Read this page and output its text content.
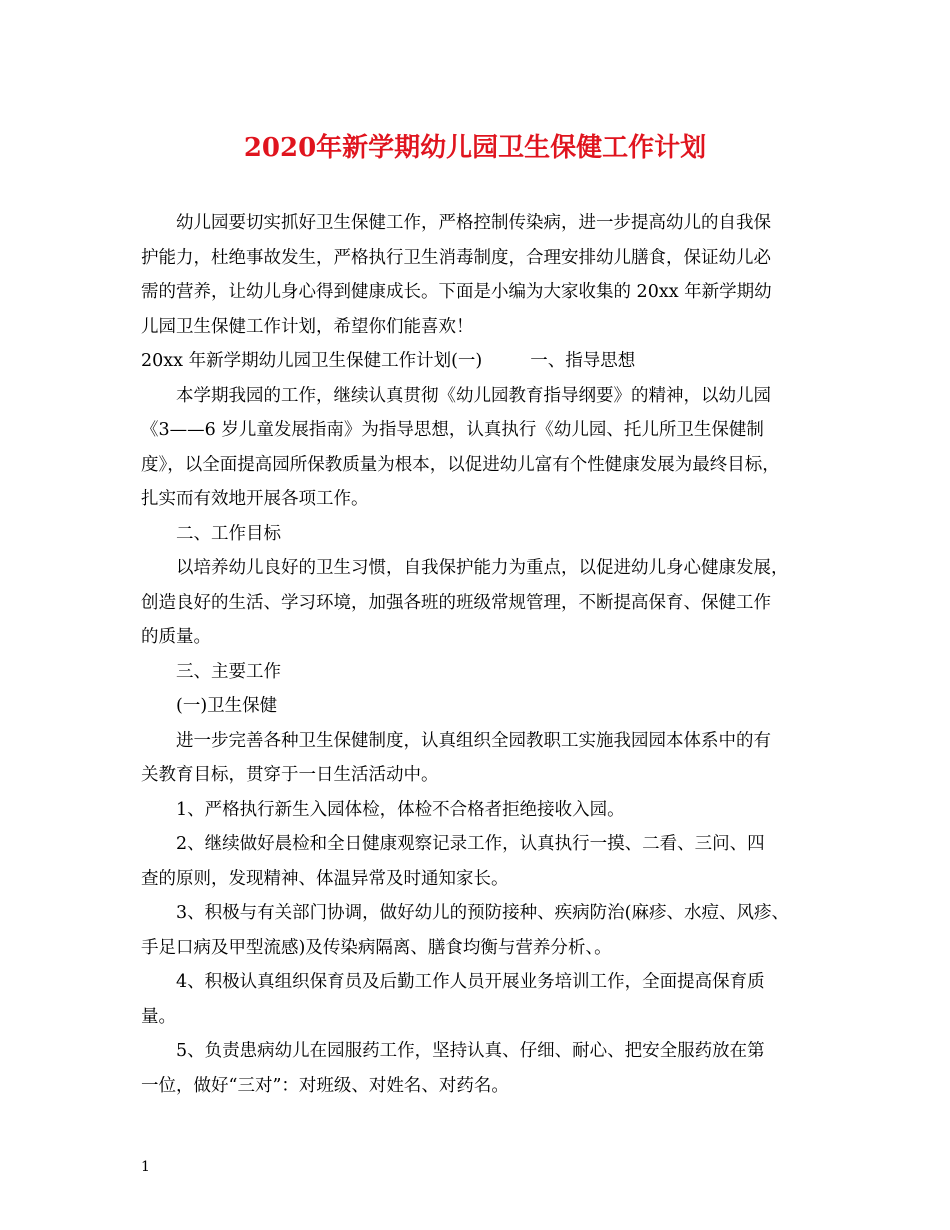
2020年新学期幼儿园卫生保健工作计划

幼儿园要切实抓好卫生保健工作，严格控制传染病，进一步提高幼儿的自我保
护能力，杜绝事故发生，严格执行卫生消毒制度，合理安排幼儿膳食，保证幼儿必
需的营养，让幼儿身心得到健康成长。下面是小编为大家收集的 20xx 年新学期幼
儿园卫生保健工作计划，希望你们能喜欢！

20xx 年新学期幼儿园卫生保健工作计划(一)	一、指导思想

本学期我园的工作，继续认真贯彻《幼儿园教育指导纲要》的精神，以幼儿园
《3——6 岁儿童发展指南》为指导思想，认真执行《幼儿园、托儿所卫生保健制
度》，以全面提高园所保教质量为根本，以促进幼儿富有个性健康发展为最终目标，
扎实而有效地开展各项工作。

二、工作目标

以培养幼儿良好的卫生习惯，自我保护能力为重点，以促进幼儿身心健康发展，
创造良好的生活、学习环境，加强各班的班级常规管理，不断提高保育、保健工作
的质量。

三、主要工作

(一)卫生保健

进一步完善各种卫生保健制度，认真组织全园教职工实施我园园本体系中的有
关教育目标，贯穿于一日生活活动中。

1、严格执行新生入园体检，体检不合格者拒绝接收入园。

2、继续做好晨检和全日健康观察记录工作，认真执行一摸、二看、三问、四
查的原则，发现精神、体温异常及时通知家长。

3、积极与有关部门协调，做好幼儿的预防接种、疾病防治(麻疹、水痘、风疹、
手足口病及甲型流感)及传染病隔离、膳食均衡与营养分析、。

4、积极认真组织保育员及后勤工作人员开展业务培训工作，全面提高保育质
量。

5、负责患病幼儿在园服药工作，坚持认真、仔细、耐心、把安全服药放在第
一位，做好“三对”：对班级、对姓名、对药名。

1
